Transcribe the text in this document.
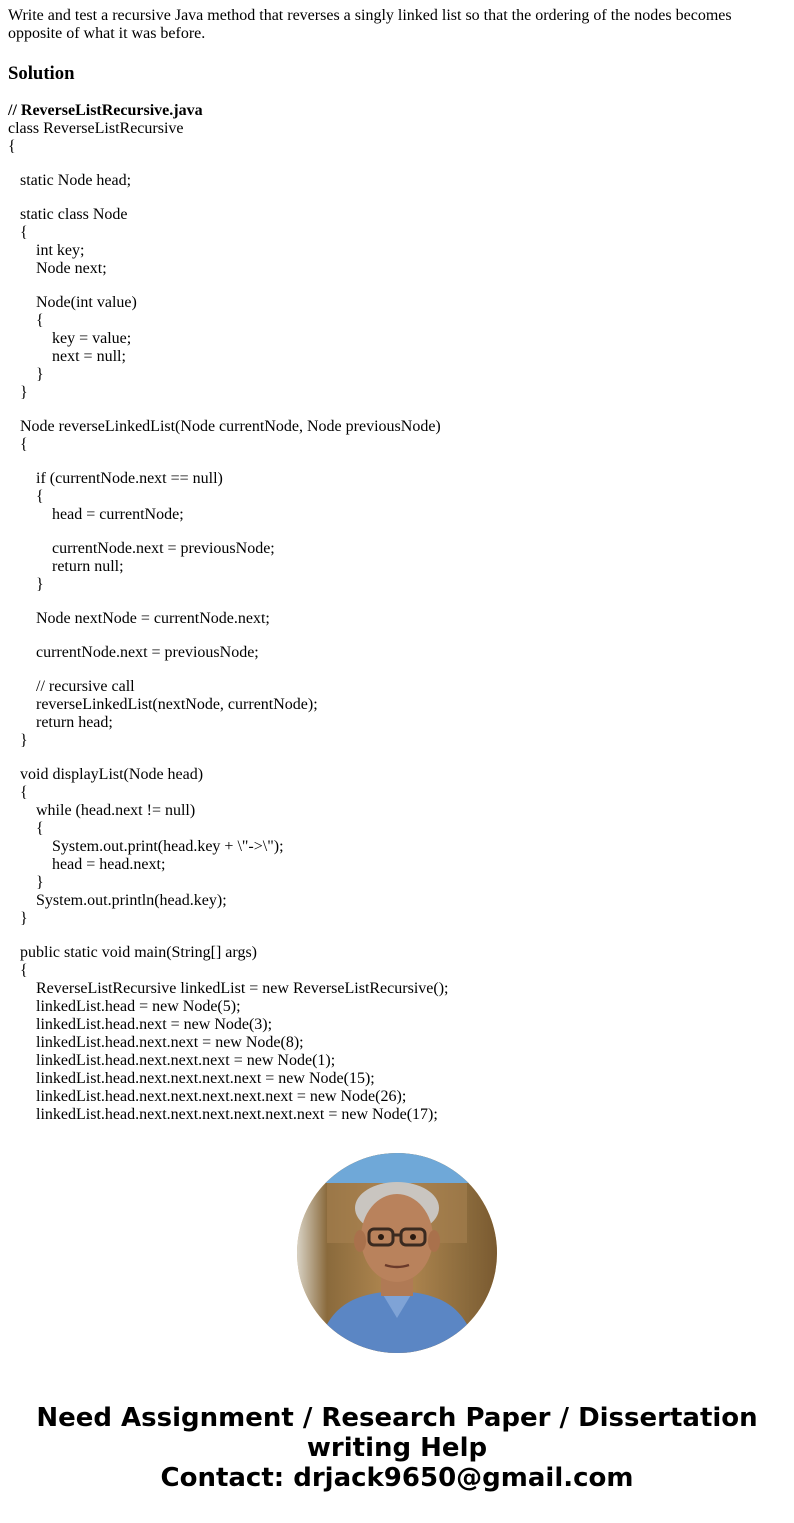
Write and test a recursive Java method that reverses a singly linked list so that the ordering of the nodes becomes opposite of what it was before.
Solution
// ReverseListRecursive.java
class ReverseListRecursive
{
static Node head;
static class Node
{
int key;
Node next;
Node(int value)
{
key = value;
next = null;
}
}
Node reverseLinkedList(Node currentNode, Node previousNode)
{
if (currentNode.next == null)
{
head = currentNode;
currentNode.next = previousNode;
return null;
}
Node nextNode = currentNode.next;
currentNode.next = previousNode;
// recursive call
reverseLinkedList(nextNode, currentNode);
return head;
}
void displayList(Node head)
{
while (head.next != null)
{
System.out.print(head.key + \"->\");
head = head.next;
}
System.out.println(head.key);
}
public static void main(String[] args)
{
ReverseListRecursive linkedList = new ReverseListRecursive();
linkedList.head = new Node(5);
linkedList.head.next = new Node(3);
linkedList.head.next.next = new Node(8);
linkedList.head.next.next.next = new Node(1);
linkedList.head.next.next.next.next = new Node(15);
linkedList.head.next.next.next.next.next = new Node(26);
linkedList.head.next.next.next.next.next.next = new Node(17);
Need Assignment / Research Paper / Dissertation
writing Help
Contact: drjack9650@gmail.com
